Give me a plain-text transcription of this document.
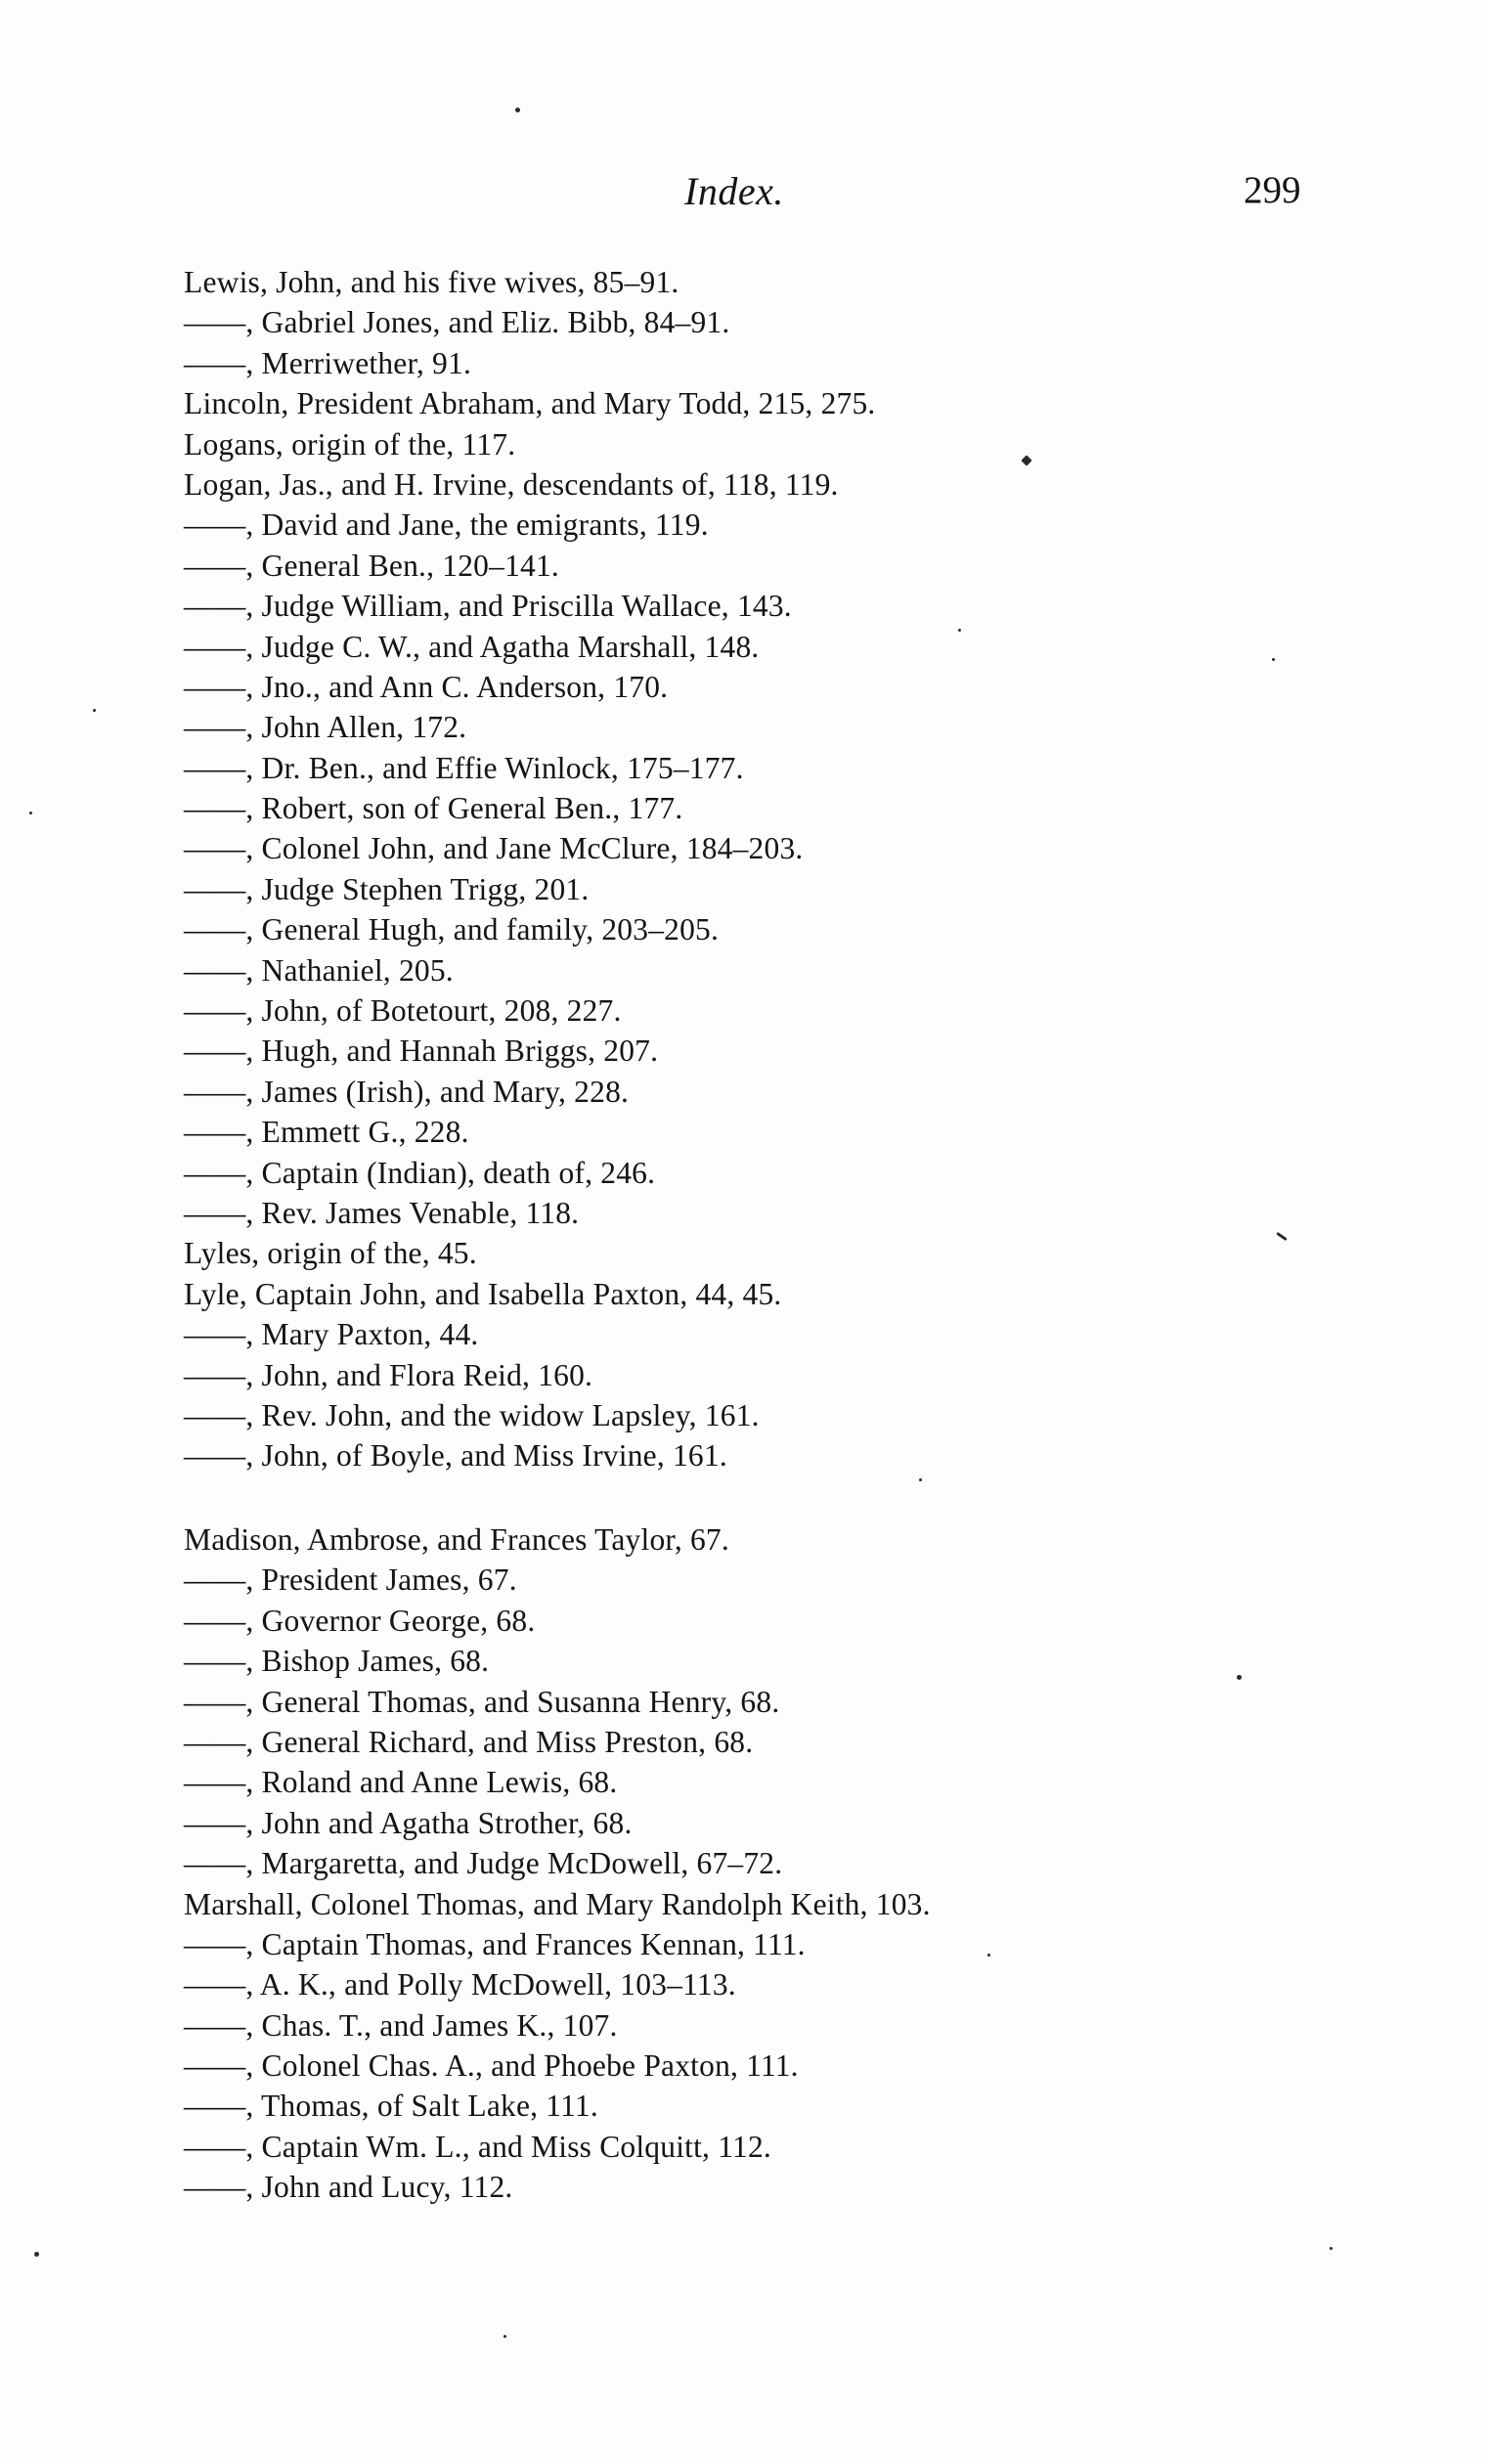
Index.	299
Lewis, John, and his five wives, 85–91.
——, Gabriel Jones, and Eliz. Bibb, 84–91.
——, Merriwether, 91.
Lincoln, President Abraham, and Mary Todd, 215, 275.
Logans, origin of the, 117.
Logan, Jas., and H. Irvine, descendants of, 118, 119.
——, David and Jane, the emigrants, 119.
——, General Ben., 120–141.
——, Judge William, and Priscilla Wallace, 143.
——, Judge C. W., and Agatha Marshall, 148.
——, Jno., and Ann C. Anderson, 170.
——, John Allen, 172.
——, Dr. Ben., and Effie Winlock, 175–177.
——, Robert, son of General Ben., 177.
——, Colonel John, and Jane McClure, 184–203.
——, Judge Stephen Trigg, 201.
——, General Hugh, and family, 203–205.
——, Nathaniel, 205.
——, John, of Botetourt, 208, 227.
——, Hugh, and Hannah Briggs, 207.
——, James (Irish), and Mary, 228.
——, Emmett G., 228.
——, Captain (Indian), death of, 246.
——, Rev. James Venable, 118.
Lyles, origin of the, 45.
Lyle, Captain John, and Isabella Paxton, 44, 45.
——, Mary Paxton, 44.
——, John, and Flora Reid, 160.
——, Rev. John, and the widow Lapsley, 161.
——, John, of Boyle, and Miss Irvine, 161.
Madison, Ambrose, and Frances Taylor, 67.
——, President James, 67.
——, Governor George, 68.
——, Bishop James, 68.
——, General Thomas, and Susanna Henry, 68.
——, General Richard, and Miss Preston, 68.
——, Roland and Anne Lewis, 68.
——, John and Agatha Strother, 68.
——, Margaretta, and Judge McDowell, 67–72.
Marshall, Colonel Thomas, and Mary Randolph Keith, 103.
——, Captain Thomas, and Frances Kennan, 111.
——, A. K., and Polly McDowell, 103–113.
——, Chas. T., and James K., 107.
——, Colonel Chas. A., and Phoebe Paxton, 111.
——, Thomas, of Salt Lake, 111.
——, Captain Wm. L., and Miss Colquitt, 112.
——, John and Lucy, 112.
